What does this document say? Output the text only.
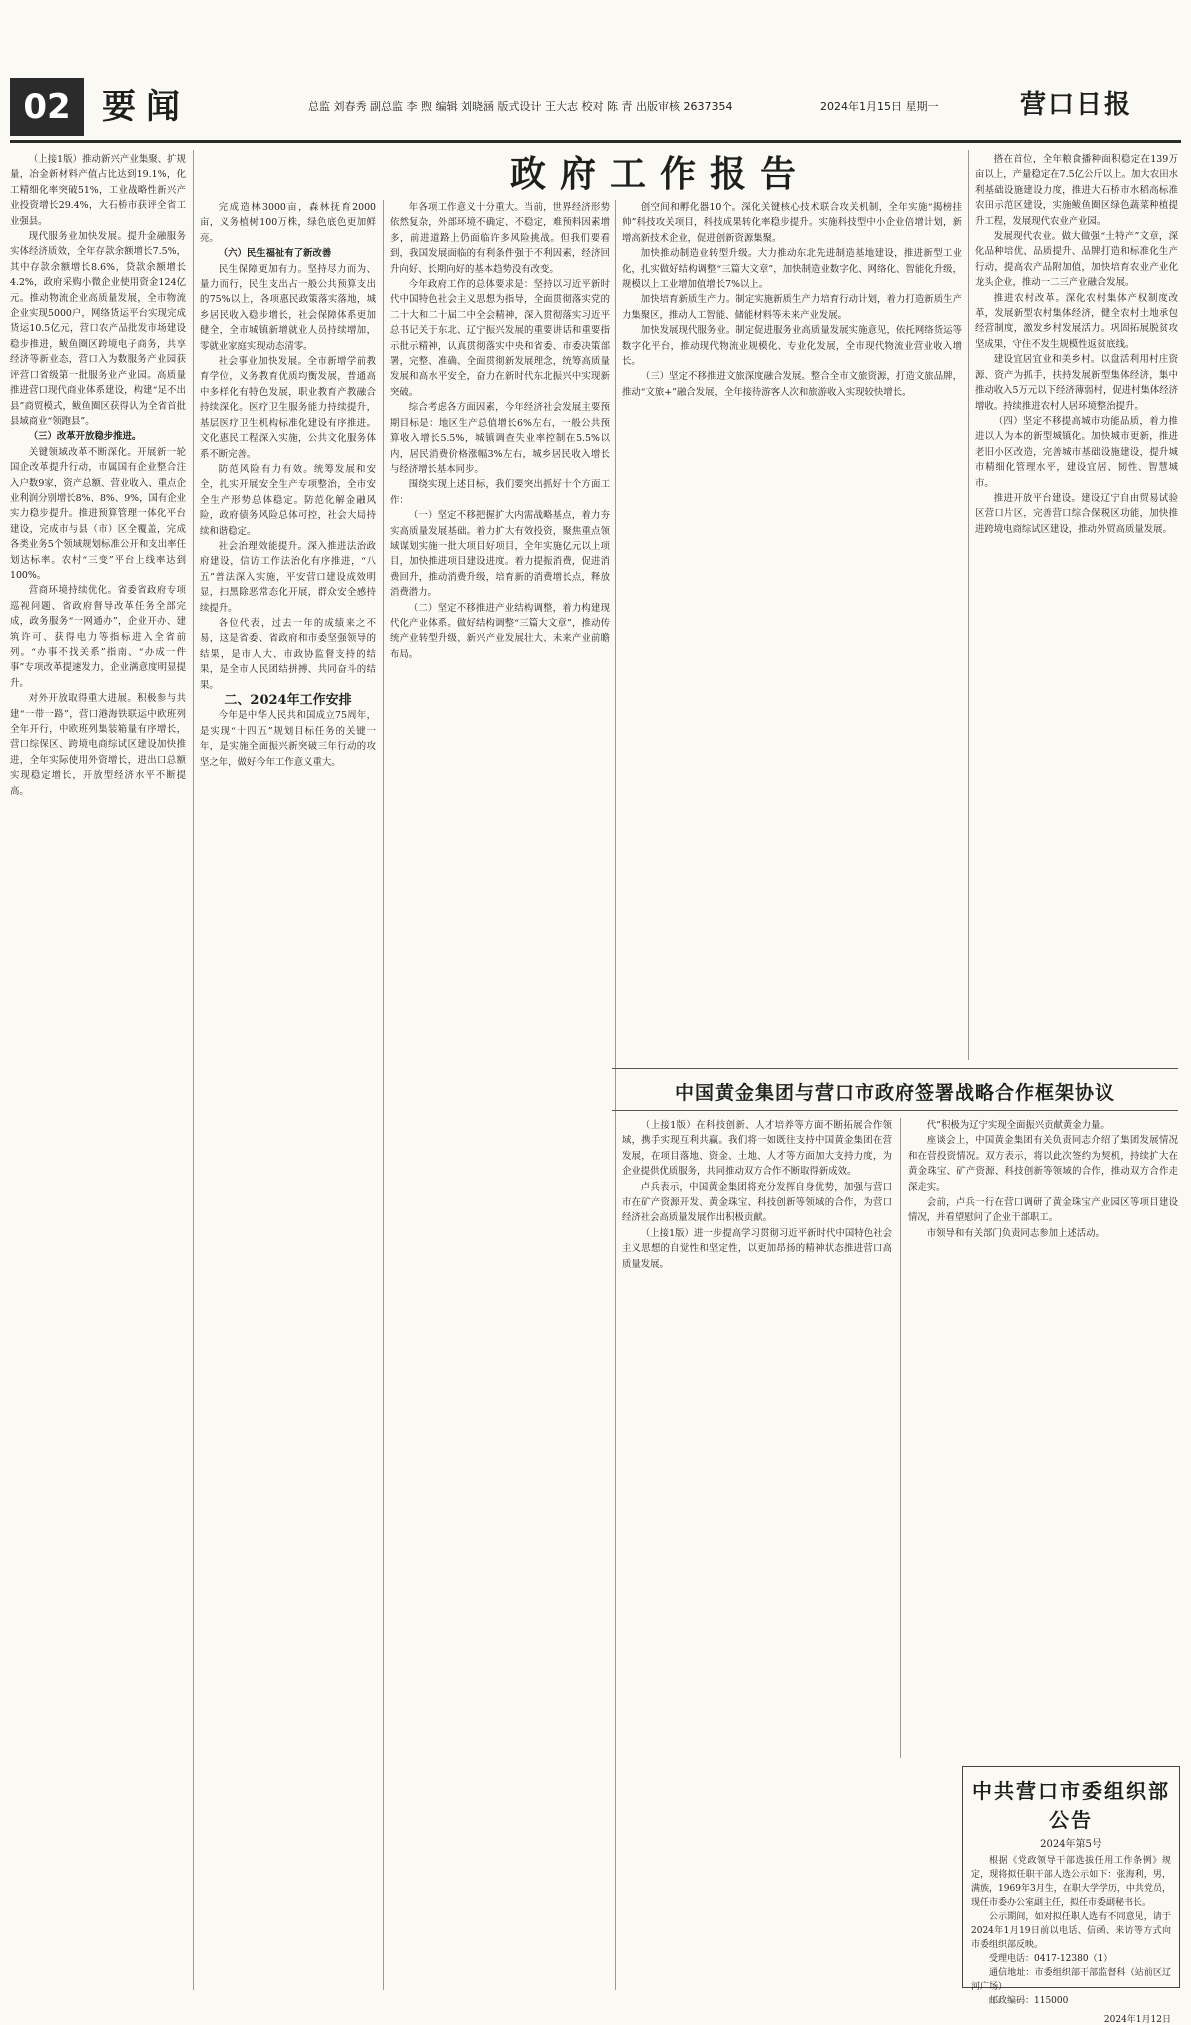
02 要闻	总监 刘春秀 副总监 李 煦 编辑 刘晓涵 版式设计 王大志 校对 陈 青 出版审核 2637354	2024年1月15日 星期一	营口日报
政府工作报告

（上接1版）推动新兴产业集聚、扩规量，冶金新材料产值占比达到19.1%，化工精细化率突破51%，工业战略性新兴产业投资增长29.4%，大石桥市获评全省工业强县。

现代服务业加快发展。提升金融服务实体经济质效，全年存款余额增长7.5%，其中存款余额增长8.6%，贷款余额增长4.2%，政府采购小微企业使用资金124亿元。推动物流企业高质量发展，全市物流企业实现5000户，网络货运平台实现完成货运10.5亿元，营口农产品批发市场建设稳步推进，鲅鱼圈区跨境电子商务，共享经济等新业态，营口入为数服务产业园获评营口省级第一批服务业产业园。高质量推进营口现代商业体系建设，构建“足不出县”商贸模式，鲅鱼圈区获得认为全省首批县域商业“领跑县”。

（三）改革开放稳步推进。

关键领域改革不断深化。开展新一轮国企改革提升行动，市属国有企业整合注入户数9家，资产总额、营业收入、重点企业利润分别增长8%、8%、9%，国有企业实力稳步提升。推进预算管理一体化平台建设，完成市与县（市）区全覆盖，完成各类业务5个领域规划标准公开和支出率任划达标率。农村“三变”平台上线率达到100%。

营商环境持续优化。省委省政府专项巡视问题、省政府督导改革任务全部完成，政务服务“一网通办”，企业开办、建筑许可、获得电力等指标进入全省前列。“办事不找关系”指南、“办成一件事”专项改革提速发力，企业满意度明显提升。

对外开放取得重大进展。积极参与共建“一带一路”，营口港海铁联运中欧班列全年开行，中欧班列集装箱量有序增长，营口综保区、跨境电商综试区建设加快推进，全年实际使用外资增长，进出口总额实现稳定增长，开放型经济水平不断提高。

完成造林3000亩，森林抚育2000亩，义务植树100万株，绿色底色更加鲜亮。

（六）民生福祉有了新改善

民生保障更加有力。坚持尽力而为、量力而行，民生支出占一般公共预算支出的75%以上，各项惠民政策落实落地，城乡居民收入稳步增长，社会保障体系更加健全，全市城镇新增就业人员持续增加，零就业家庭实现动态清零。

社会事业加快发展。全市新增学前教育学位，义务教育优质均衡发展，普通高中多样化有特色发展，职业教育产教融合持续深化。医疗卫生服务能力持续提升，基层医疗卫生机构标准化建设有序推进。文化惠民工程深入实施，公共文化服务体系不断完善。

防范风险有力有效。统筹发展和安全，扎实开展安全生产专项整治，全市安全生产形势总体稳定。防范化解金融风险，政府债务风险总体可控，社会大局持续和谐稳定。

社会治理效能提升。深入推进法治政府建设，信访工作法治化有序推进，“八五”普法深入实施，平安营口建设成效明显，扫黑除恶常态化开展，群众安全感持续提升。

各位代表，过去一年的成绩来之不易，这是省委、省政府和市委坚强领导的结果，是市人大、市政协监督支持的结果，是全市人民团结拼搏、共同奋斗的结果。

二、2024年工作安排

今年是中华人民共和国成立75周年，是实现“十四五”规划目标任务的关键一年，是实施全面振兴新突破三年行动的攻坚之年，做好今年工作意义重大。

年各项工作意义十分重大。当前，世界经济形势依然复杂，外部环境不确定、不稳定，难预料因素增多，前进道路上仍面临许多风险挑战。但我们要看到，我国发展面临的有利条件强于不利因素，经济回升向好、长期向好的基本趋势没有改变。

今年政府工作的总体要求是：坚持以习近平新时代中国特色社会主义思想为指导，全面贯彻落实党的二十大和二十届二中全会精神，深入贯彻落实习近平总书记关于东北、辽宁振兴发展的重要讲话和重要指示批示精神，认真贯彻落实中央和省委、市委决策部署，完整、准确、全面贯彻新发展理念，统筹高质量发展和高水平安全，奋力在新时代东北振兴中实现新突破。

综合考虑各方面因素，今年经济社会发展主要预期目标是：地区生产总值增长6%左右，一般公共预算收入增长5.5%，城镇调查失业率控制在5.5%以内，居民消费价格涨幅3%左右，城乡居民收入增长与经济增长基本同步。

围绕实现上述目标，我们要突出抓好十个方面工作：

（一）坚定不移把握扩大内需战略基点，着力夯实高质量发展基础。着力扩大有效投资，聚焦重点领域谋划实施一批大项目好项目，全年实施亿元以上项目，加快推进项目建设进度。着力提振消费，促进消费回升，推动消费升级，培育新的消费增长点，释放消费潜力。

（二）坚定不移推进产业结构调整，着力构建现代化产业体系。做好结构调整“三篇大文章”，推动传统产业转型升级、新兴产业发展壮大、未来产业前瞻布局。

创空间和孵化器10个。深化关键核心技术联合攻关机制，全年实施“揭榜挂帅”科技攻关项目，科技成果转化率稳步提升。实施科技型中小企业倍增计划，新增高新技术企业，促进创新资源集聚。

加快推动制造业转型升级。大力推动东北先进制造基地建设，推进新型工业化，扎实做好结构调整“三篇大文章”，加快制造业数字化、网络化、智能化升级，规模以上工业增加值增长7%以上。

加快培育新质生产力。制定实施新质生产力培育行动计划，着力打造新质生产力集聚区，推动人工智能、储能材料等未来产业发展。

加快发展现代服务业。制定促进服务业高质量发展实施意见，依托网络货运等数字化平台，推动现代物流业规模化、专业化发展，全市现代物流业营业收入增长。

（三）坚定不移推进文旅深度融合发展。整合全市文旅资源，打造文旅品牌，推动“文旅+”融合发展，全年接待游客人次和旅游收入实现较快增长。

搭在首位，全年粮食播种面积稳定在139万亩以上，产量稳定在7.5亿公斤以上。加大农田水利基础设施建设力度，推进大石桥市水稻高标准农田示范区建设，实施鲅鱼圈区绿色蔬菜种植提升工程，发展现代农业产业园。

发展现代农业。做大做强“土特产”文章，深化品种培优、品质提升、品牌打造和标准化生产行动，提高农产品附加值，加快培育农业产业化龙头企业，推动一二三产业融合发展。

推进农村改革。深化农村集体产权制度改革，发展新型农村集体经济，健全农村土地承包经营制度，激发乡村发展活力。巩固拓展脱贫攻坚成果，守住不发生规模性返贫底线。

建设宜居宜业和美乡村。以盘活利用村庄资源、资产为抓手，扶持发展新型集体经济，集中推动收入5万元以下经济薄弱村，促进村集体经济增收。持续推进农村人居环境整治提升。

（四）坚定不移提高城市功能品质，着力推进以人为本的新型城镇化。加快城市更新，推进老旧小区改造，完善城市基础设施建设，提升城市精细化管理水平，建设宜居、韧性、智慧城市。

推进开放平台建设。建设辽宁自由贸易试验区营口片区，完善营口综合保税区功能，加快推进跨境电商综试区建设，推动外贸高质量发展。

中国黄金集团与营口市政府签署战略合作框架协议

（上接1版）在科技创新、人才培养等方面不断拓展合作领域，携手实现互利共赢。我们将一如既往支持中国黄金集团在营发展，在项目落地、资金、土地、人才等方面加大支持力度，为企业提供优质服务，共同推动双方合作不断取得新成效。

卢兵表示，中国黄金集团将充分发挥自身优势，加强与营口市在矿产资源开发、黄金珠宝、科技创新等领域的合作，为营口经济社会高质量发展作出积极贡献。

（上接1版）进一步提高学习贯彻习近平新时代中国特色社会主义思想的自觉性和坚定性，以更加昂扬的精神状态推进营口高质量发展。

代”积极为辽宁实现全面振兴贡献黄金力量。

座谈会上，中国黄金集团有关负责同志介绍了集团发展情况和在营投资情况。双方表示，将以此次签约为契机，持续扩大在黄金珠宝、矿产资源、科技创新等领域的合作，推动双方合作走深走实。

会前，卢兵一行在营口调研了黄金珠宝产业园区等项目建设情况，并看望慰问了企业干部职工。

市领导和有关部门负责同志参加上述活动。

中共营口市委组织部公告
2024年第5号

根据《党政领导干部选拔任用工作条例》规定，现将拟任职干部人选公示如下：张海利，男，满族，1969年3月生，在职大学学历，中共党员，现任市委办公室副主任，拟任市委副秘书长。

公示期间，如对拟任职人选有不同意见，请于2024年1月19日前以电话、信函、来访等方式向市委组织部反映。

受理电话：0417-12380（1）

通信地址：市委组织部干部监督科（站前区辽河广场）

邮政编码：115000

2024年1月12日
